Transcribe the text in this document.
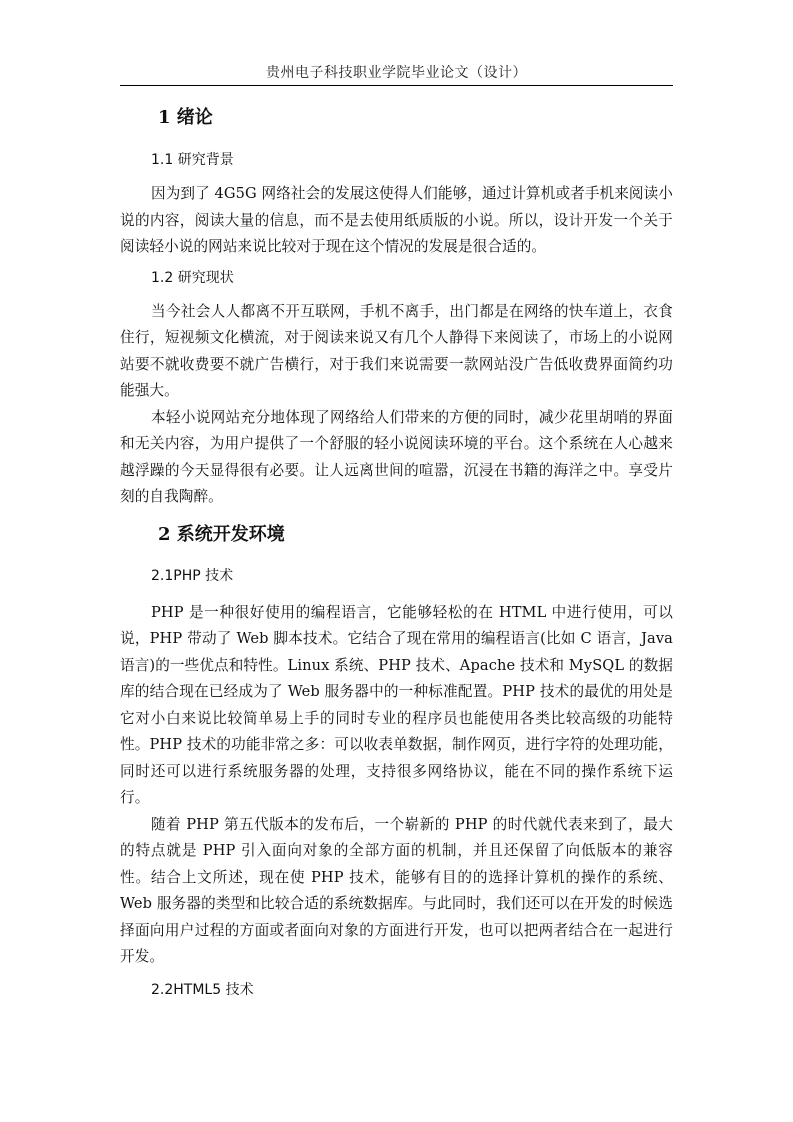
贵州电子科技职业学院毕业论文（设计）
1 绪论
1.1 研究背景

因为到了 4G5G 网络社会的发展这使得人们能够，通过计算机或者手机来阅读小说的内容，阅读大量的信息，而不是去使用纸质版的小说。所以，设计开发一个关于阅读轻小说的网站来说比较对于现在这个情况的发展是很合适的。

1.2 研究现状

当今社会人人都离不开互联网，手机不离手，出门都是在网络的快车道上，衣食住行，短视频文化横流，对于阅读来说又有几个人静得下来阅读了，市场上的小说网站要不就收费要不就广告横行，对于我们来说需要一款网站没广告低收费界面简约功能强大。

本轻小说网站充分地体现了网络给人们带来的方便的同时，减少花里胡哨的界面和无关内容，为用户提供了一个舒服的轻小说阅读环境的平台。这个系统在人心越来越浮躁的今天显得很有必要。让人远离世间的喧嚣，沉浸在书籍的海洋之中。享受片刻的自我陶醉。

2 系统开发环境
2.1PHP 技术

PHP 是一种很好使用的编程语言，它能够轻松的在 HTML 中进行使用，可以说，PHP 带动了 Web 脚本技术。它结合了现在常用的编程语言(比如 C 语言，Java 语言)的一些优点和特性。Linux 系统、PHP 技术、Apache 技术和 MySQL 的数据库的结合现在已经成为了 Web 服务器中的一种标准配置。PHP 技术的最优的用处是它对小白来说比较简单易上手的同时专业的程序员也能使用各类比较高级的功能特性。PHP 技术的功能非常之多：可以收表单数据，制作网页，进行字符的处理功能，同时还可以进行系统服务器的处理，支持很多网络协议，能在不同的操作系统下运行。

随着 PHP 第五代版本的发布后，一个崭新的 PHP 的时代就代表来到了，最大的特点就是 PHP 引入面向对象的全部方面的机制，并且还保留了向低版本的兼容性。结合上文所述，现在使 PHP 技术，能够有目的的选择计算机的操作的系统、Web 服务器的类型和比较合适的系统数据库。与此同时，我们还可以在开发的时候选择面向用户过程的方面或者面向对象的方面进行开发，也可以把两者结合在一起进行开发。

2.2HTML5 技术
